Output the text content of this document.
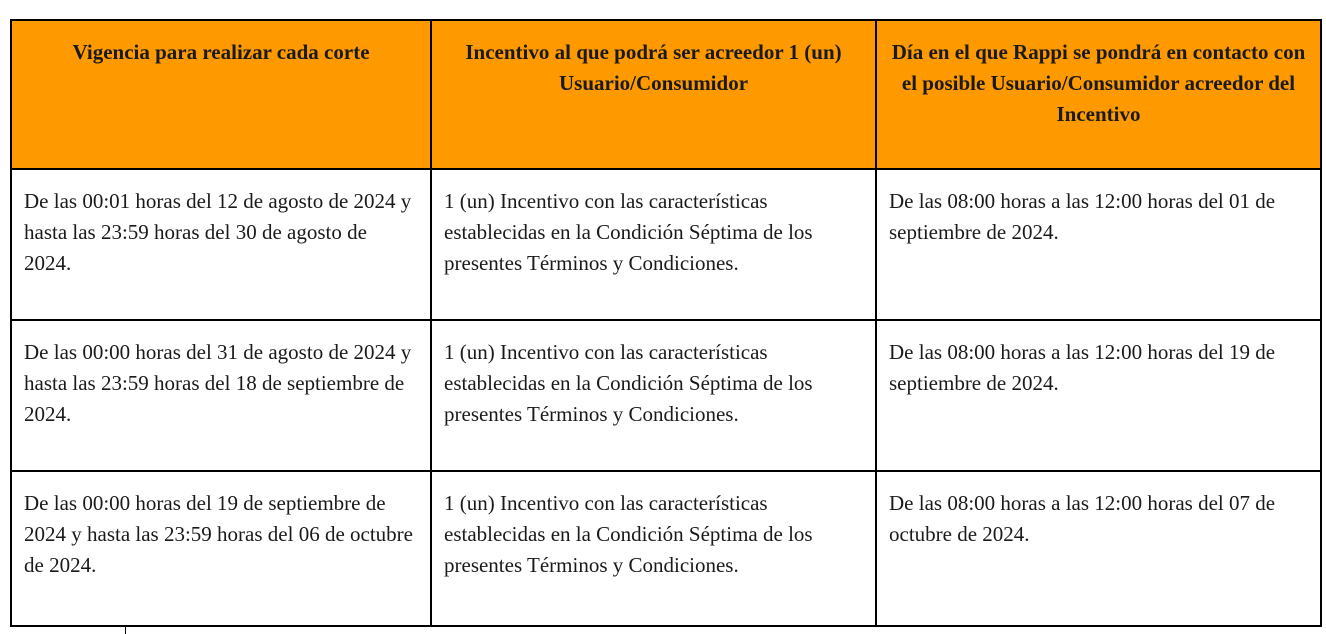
Vigencia para realizar cada corte	Incentivo al que podrá ser acreedor 1 (un) Usuario/Consumidor	Día en el que Rappi se pondrá en contacto con el posible Usuario/Consumidor acreedor del Incentivo
De las 00:01 horas del 12 de agosto de 2024 y hasta las 23:59 horas del 30 de agosto de 2024.	1 (un) Incentivo con las características establecidas en la Condición Séptima de los presentes Términos y Condiciones.	De las 08:00 horas a las 12:00 horas del 01 de septiembre de 2024.
De las 00:00 horas del 31 de agosto de 2024 y hasta las 23:59 horas del 18 de septiembre de 2024.	1 (un) Incentivo con las características establecidas en la Condición Séptima de los presentes Términos y Condiciones.	De las 08:00 horas a las 12:00 horas del 19 de septiembre de 2024.
De las 00:00 horas del 19 de septiembre de 2024 y hasta las 23:59 horas del 06 de octubre de 2024.	1 (un) Incentivo con las características establecidas en la Condición Séptima de los presentes Términos y Condiciones.	De las 08:00 horas a las 12:00 horas del 07 de octubre de 2024.
